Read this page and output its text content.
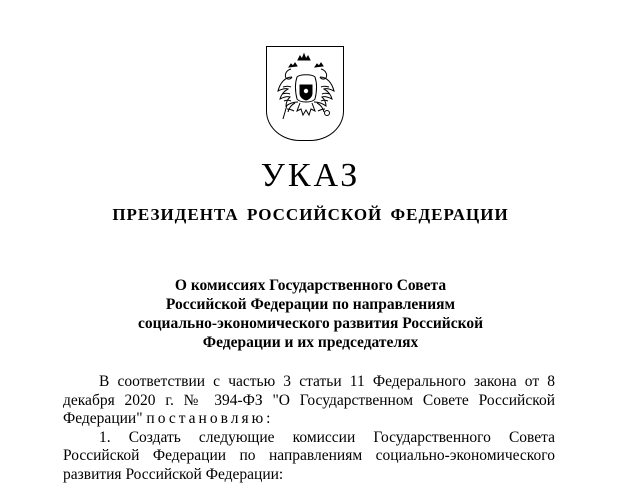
УКАЗ
ПРЕЗИДЕНТА РОССИЙСКОЙ ФЕДЕРАЦИИ
О комиссиях Государственного Совета
Российской Федерации по направлениям
социально-экономического развития Российской
Федерации и их председателях

В соответствии с частью 3 статьи 11 Федерального закона от 8 декабря 2020 г. № 394-ФЗ "О Государственном Совете Российской Федерации" постановляю:

1. Создать следующие комиссии Государственного Совета Российской Федерации по направлениям социально-экономического развития Российской Федерации:
